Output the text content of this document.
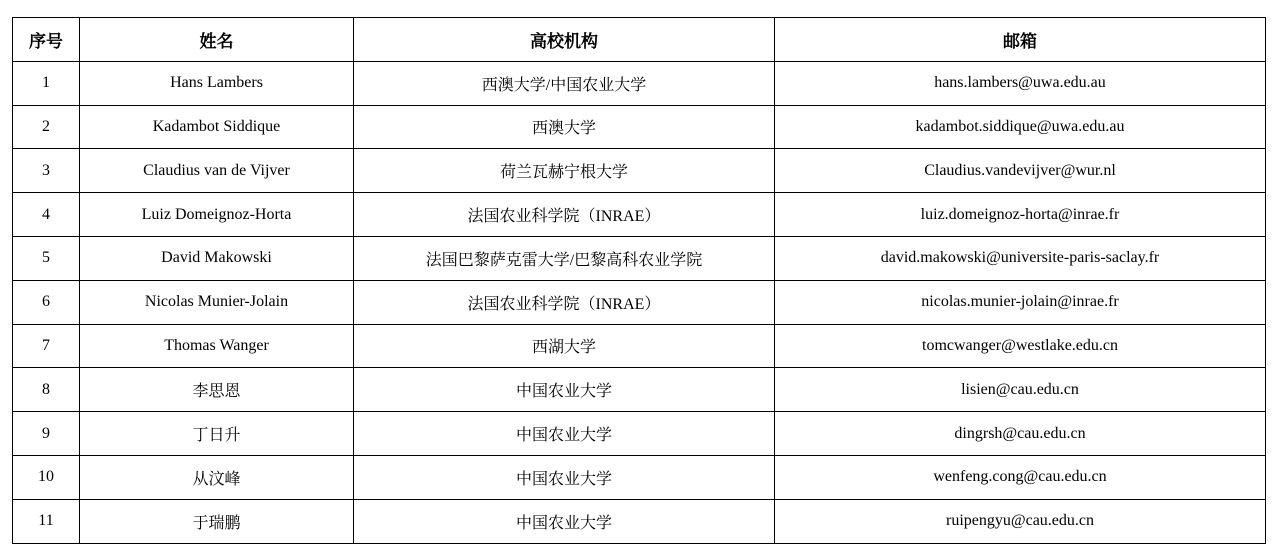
序号	姓名	高校机构	邮箱
1	Hans Lambers	西澳大学/中国农业大学	hans.lambers@uwa.edu.au
2	Kadambot Siddique	西澳大学	kadambot.siddique@uwa.edu.au
3	Claudius van de Vijver	荷兰瓦赫宁根大学	Claudius.vandevijver@wur.nl
4	Luiz Domeignoz-Horta	法国农业科学院（INRAE）	luiz.domeignoz-horta@inrae.fr
5	David Makowski	法国巴黎萨克雷大学/巴黎高科农业学院	david.makowski@universite-paris-saclay.fr
6	Nicolas Munier-Jolain	法国农业科学院（INRAE）	nicolas.munier-jolain@inrae.fr
7	Thomas Wanger	西湖大学	tomcwanger@westlake.edu.cn
8	李思恩	中国农业大学	lisien@cau.edu.cn
9	丁日升	中国农业大学	dingrsh@cau.edu.cn
10	从汶峰	中国农业大学	wenfeng.cong@cau.edu.cn
11	于瑞鹏	中国农业大学	ruipengyu@cau.edu.cn
